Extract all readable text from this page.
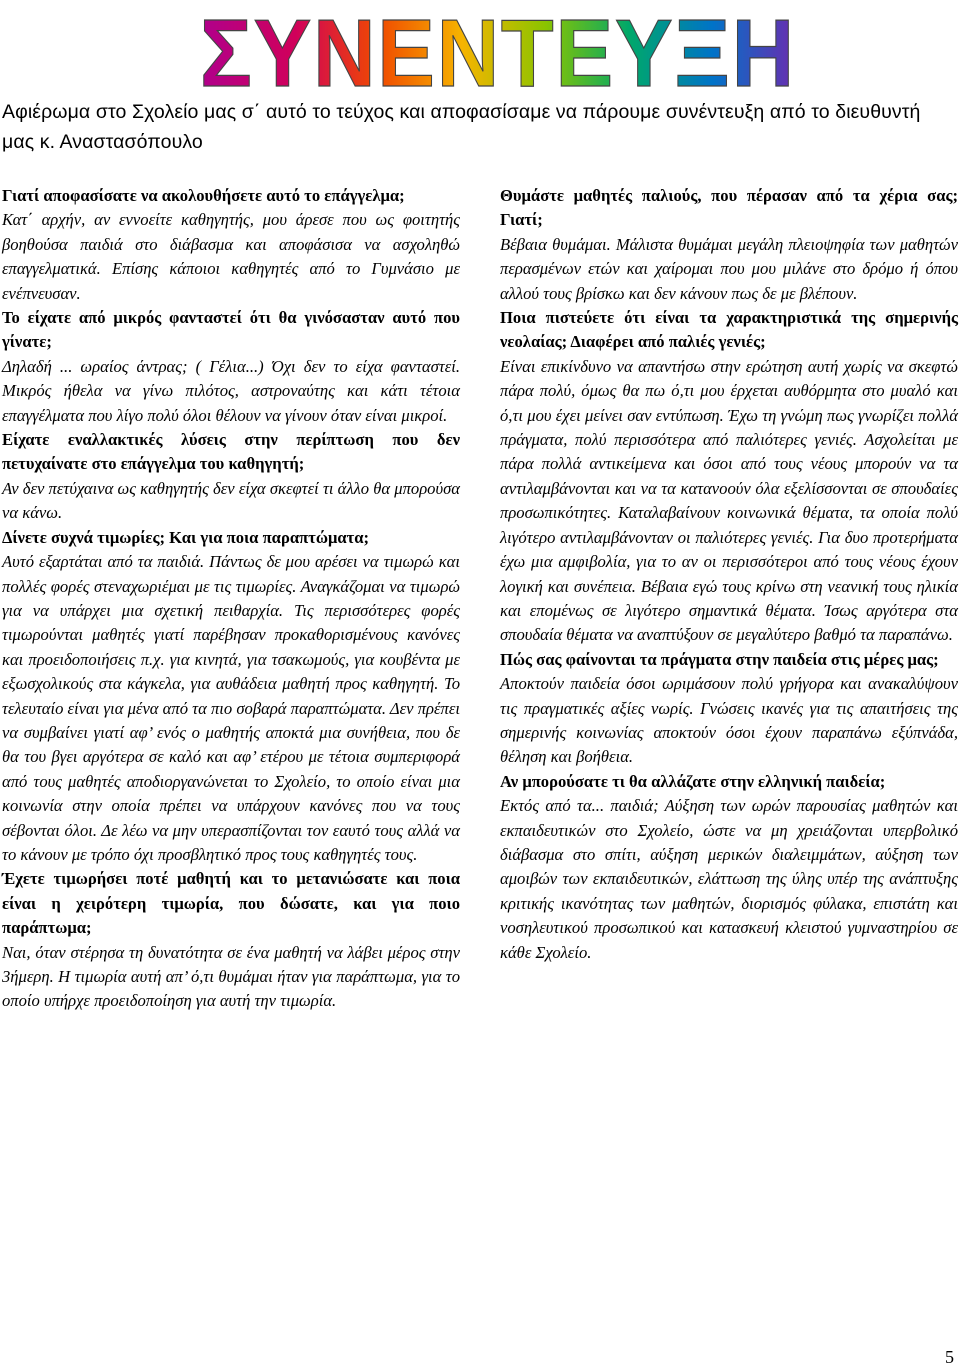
ΣΥΝΕΝΤΕΥΞΗ
Αφιέρωμα στο Σχολείο μας σ΄ αυτό το τεύχος και αποφασίσαμε να πάρουμε συνέντευξη από το διευθυντή μας κ. Αναστασόπουλο

Γιατί αποφασίσατε να ακολουθήσετε αυτό το επάγγελμα;

Κατ΄ αρχήν, αν εννοείτε καθηγητής, μου άρεσε που ως φοιτητής βοηθούσα παιδιά στο διάβασμα και αποφάσισα να ασχοληθώ επαγγελματικά. Επίσης κάποιοι καθηγητές από το Γυμνάσιο με ενέπνευσαν.

Το είχατε από μικρός φανταστεί ότι θα γινόσασταν αυτό που γίνατε;

Δηλαδή ... ωραίος άντρας; ( Γέλια...) Όχι δεν το είχα φανταστεί. Μικρός ήθελα να γίνω πιλότος, αστροναύτης και κάτι τέτοια επαγγέλματα που λίγο πολύ όλοι θέλουν να γίνουν όταν είναι μικροί.

Είχατε εναλλακτικές λύσεις στην περίπτωση που δεν πετυχαίνατε στο επάγγελμα του καθηγητή;

Αν δεν πετύχαινα ως καθηγητής δεν είχα σκεφτεί τι άλλο θα μπορούσα να κάνω.

Δίνετε συχνά τιμωρίες; Και για ποια παραπτώματα;

Αυτό εξαρτάται από τα παιδιά. Πάντως δε μου αρέσει να τιμωρώ και πολλές φορές στεναχωριέμαι με τις τιμωρίες. Αναγκάζομαι να τιμωρώ για να υπάρχει μια σχετική πειθαρχία. Τις περισσότερες φορές τιμωρούνται μαθητές γιατί παρέβησαν προκαθορισμένους κανόνες και προειδοποιήσεις π.χ. για κινητά, για τσακωμούς, για κουβέντα με εξωσχολικούς στα κάγκελα, για αυθάδεια μαθητή προς καθηγητή. Το τελευταίο είναι για μένα από τα πιο σοβαρά παραπτώματα. Δεν πρέπει να συμβαίνει γιατί αφ’ ενός ο μαθητής αποκτά μια συνήθεια, που δε θα του βγει αργότερα σε καλό και αφ’ ετέρου με τέτοια συμπεριφορά από τους μαθητές αποδιοργανώνεται το Σχολείο, το οποίο είναι μια κοινωνία στην οποία πρέπει να υπάρχουν κανόνες που να τους σέβονται όλοι. Δε λέω να μην υπερασπίζονται τον εαυτό τους αλλά να το κάνουν με τρόπο όχι προσβλητικό προς τους καθηγητές τους.

Έχετε τιμωρήσει ποτέ μαθητή και το μετανιώσατε και ποια είναι η χειρότερη τιμωρία, που δώσατε, και για ποιο παράπτωμα;

Ναι, όταν στέρησα τη δυνατότητα σε ένα μαθητή να λάβει μέρος στην 3ήμερη. Η τιμωρία αυτή απ’ ό,τι θυμάμαι ήταν για παράπτωμα, για το οποίο υπήρχε προειδοποίηση για αυτή την τιμωρία.

Θυμάστε μαθητές παλιούς, που πέρασαν από τα χέρια σας; Γιατί;

Βέβαια θυμάμαι. Μάλιστα θυμάμαι μεγάλη πλειοψηφία των μαθητών περασμένων ετών και χαίρομαι που μου μιλάνε στο δρόμο ή όπου αλλού τους βρίσκω και δεν κάνουν πως δε με βλέπουν.

Ποια πιστεύετε ότι είναι τα χαρακτηριστικά της σημερινής νεολαίας; Διαφέρει από παλιές γενιές;

Είναι επικίνδυνο να απαντήσω στην ερώτηση αυτή χωρίς να σκεφτώ πάρα πολύ, όμως θα πω ό,τι μου έρχεται αυθόρμητα στο μυαλό και ό,τι μου έχει μείνει σαν εντύπωση. Έχω τη γνώμη πως γνωρίζει πολλά πράγματα, πολύ περισσότερα από παλιότερες γενιές. Ασχολείται με πάρα πολλά αντικείμενα και όσοι από τους νέους μπορούν να τα αντιλαμβάνονται και να τα κατανοούν όλα εξελίσσονται σε σπουδαίες προσωπικότητες. Καταλαβαίνουν κοινωνικά θέματα, τα οποία πολύ λιγότερο αντιλαμβάνονταν οι παλιότερες γενιές. Για δυο προτερήματα έχω μια αμφιβολία, για το αν οι περισσότεροι από τους νέους έχουν λογική και συνέπεια. Βέβαια εγώ τους κρίνω στη νεανική τους ηλικία και επομένως σε λιγότερο σημαντικά θέματα. Ίσως αργότερα στα σπουδαία θέματα να αναπτύξουν σε μεγαλύτερο βαθμό τα παραπάνω.

Πώς σας φαίνονται τα πράγματα στην παιδεία στις μέρες μας;

Αποκτούν παιδεία όσοι ωριμάσουν πολύ γρήγορα και ανακαλύψουν τις πραγματικές αξίες νωρίς. Γνώσεις ικανές για τις απαιτήσεις της σημερινής κοινωνίας αποκτούν όσοι έχουν παραπάνω εξύπνάδα, θέληση και βοήθεια.

Αν μπορούσατε τι θα αλλάζατε στην ελληνική παιδεία;

Εκτός από τα... παιδιά; Αύξηση των ωρών παρουσίας μαθητών και εκπαιδευτικών στο Σχολείο, ώστε να μη χρειάζονται υπερβολικό διάβασμα στο σπίτι, αύξηση μερικών διαλειμμάτων, αύξηση των αμοιβών των εκπαιδευτικών, ελάττωση της ύλης υπέρ της ανάπτυξης κριτικής ικανότητας των μαθητών, διορισμός φύλακα, επιστάτη και νοσηλευτικού προσωπικού και κατασκευή κλειστού γυμναστηρίου σε κάθε Σχολείο.

5
